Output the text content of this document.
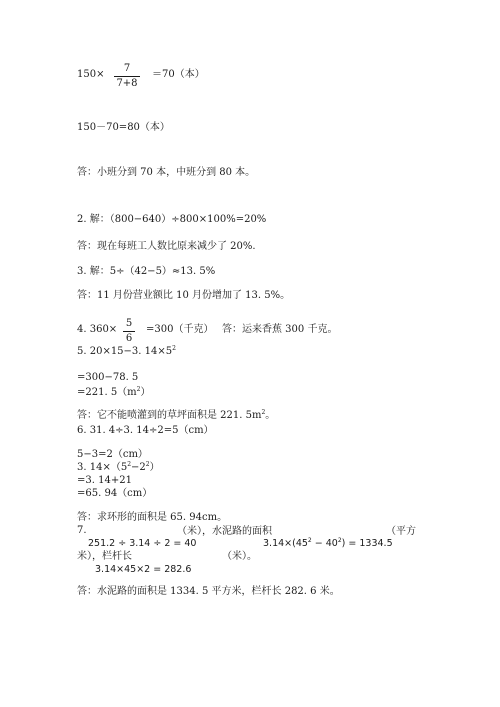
150×
7
7+8
＝70（本）
150－70=80（本）
答：小班分到 70 本，中班分到 80 本。
2. 解：（800−640）÷800×100%=20%
答：现在每班工人数比原来减少了 20%.
3. 解：5÷（42−5）≈13. 5%
答：11 月份营业额比 10 月份增加了 13. 5%。
4. 360×
5
6
=300（千克） 答：运来香蕉 300 千克。
5. 20×15−3. $14\times 5^2$
=300−78. 5
=221. $5(m^2)$
答：它不能喷灌到的草坪面积是 221. $5m^2$。
6. 31. 4÷3. 14÷2=5（cm）
5−3=2（cm）
3. $14\times(5^2-2^2)$
=3. 14+21
=65. 94（cm）
答：求环形的面积是 65. 94cm。
7.	（米），水泥路的面积	（平方
251.2 ÷ 3.14 ÷ 2 = 40	$3.14\times(45^2 - 40^2) = 1334.5$
米），栏杆长	（米）。
3.14×45×2 = 282.6
答：水泥路的面积是 1334. 5 平方米，栏杆长 282. 6 米。
